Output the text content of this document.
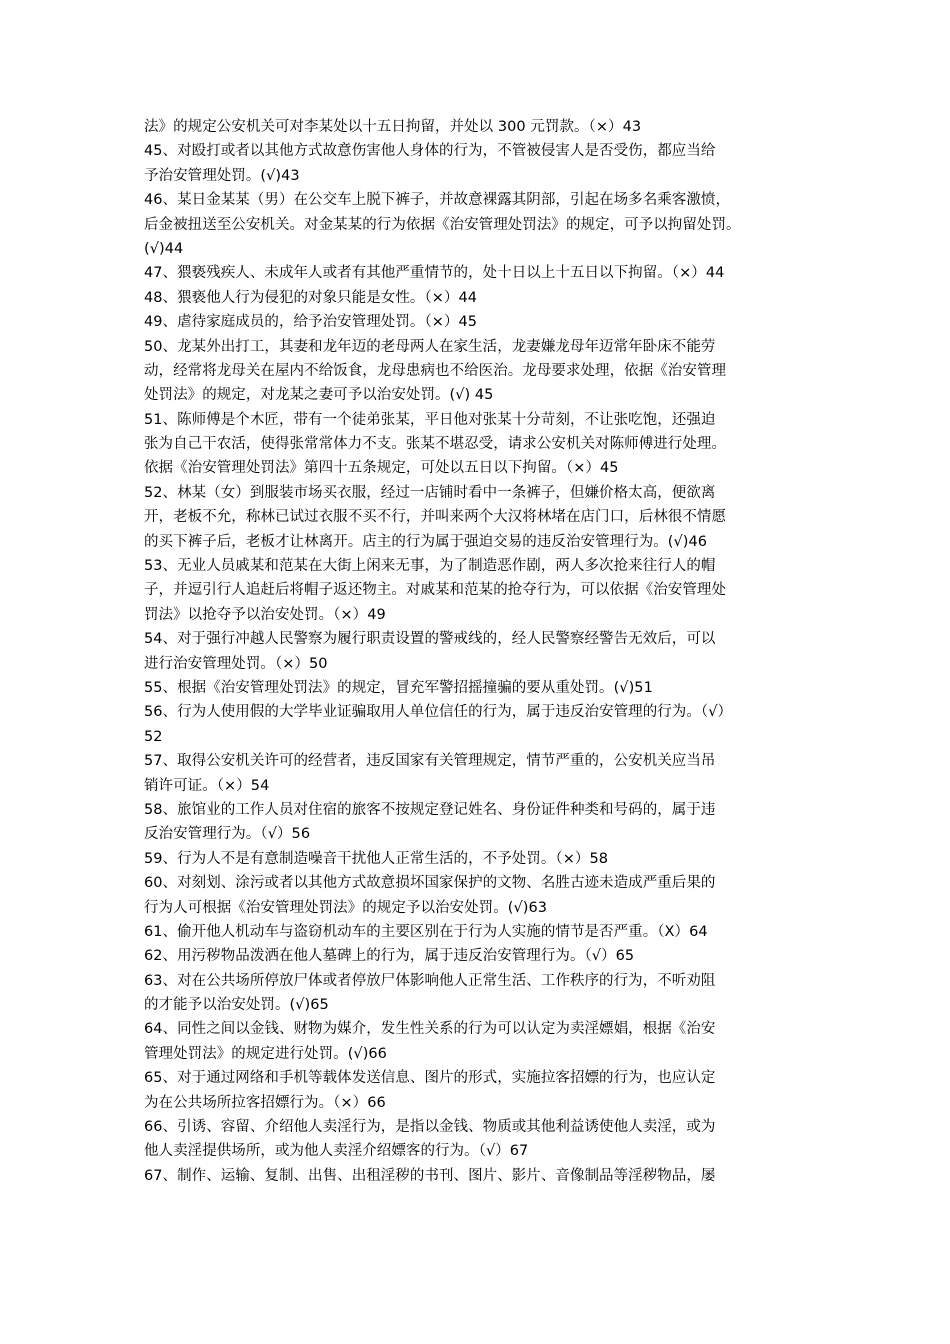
法》的规定公安机关可对李某处以十五日拘留，并处以 300 元罚款。（×）43
45、对殴打或者以其他方式故意伤害他人身体的行为，不管被侵害人是否受伤，都应当给
予治安管理处罚。(√)43
46、某日金某某（男）在公交车上脱下裤子，并故意裸露其阴部，引起在场多名乘客激愤，
后金被扭送至公安机关。对金某某的行为依据《治安管理处罚法》的规定，可予以拘留处罚。
(√)44
47、猥亵残疾人、未成年人或者有其他严重情节的，处十日以上十五日以下拘留。（×）44
48、猥亵他人行为侵犯的对象只能是女性。（×）44
49、虐待家庭成员的，给予治安管理处罚。（×）45
50、龙某外出打工，其妻和龙年迈的老母两人在家生活，龙妻嫌龙母年迈常年卧床不能劳
动，经常将龙母关在屋内不给饭食，龙母患病也不给医治。龙母要求处理，依据《治安管理
处罚法》的规定，对龙某之妻可予以治安处罚。(√) 45
51、陈师傅是个木匠，带有一个徒弟张某，平日他对张某十分苛刻，不让张吃饱，还强迫
张为自己干农活，使得张常常体力不支。张某不堪忍受，请求公安机关对陈师傅进行处理。
依据《治安管理处罚法》第四十五条规定，可处以五日以下拘留。（×）45
52、林某（女）到服装市场买衣服，经过一店铺时看中一条裤子，但嫌价格太高，便欲离
开，老板不允，称林已试过衣服不买不行，并叫来两个大汉将林堵在店门口，后林很不情愿
的买下裤子后，老板才让林离开。店主的行为属于强迫交易的违反治安管理行为。(√)46
53、无业人员戚某和范某在大街上闲来无事，为了制造恶作剧，两人多次抢来往行人的帽
子，并逗引行人追赶后将帽子返还物主。对戚某和范某的抢夺行为，可以依据《治安管理处
罚法》以抢夺予以治安处罚。（×）49
54、对于强行冲越人民警察为履行职责设置的警戒线的，经人民警察经警告无效后，可以
进行治安管理处罚。（×）50
55、根据《治安管理处罚法》的规定，冒充军警招摇撞骗的要从重处罚。(√)51
56、行为人使用假的大学毕业证骗取用人单位信任的行为，属于违反治安管理的行为。（√）
52
57、取得公安机关许可的经营者，违反国家有关管理规定，情节严重的，公安机关应当吊
销许可证。（×）54
58、旅馆业的工作人员对住宿的旅客不按规定登记姓名、身份证件种类和号码的，属于违
反治安管理行为。（√）56
59、行为人不是有意制造噪音干扰他人正常生活的，不予处罚。（×）58
60、对刻划、涂污或者以其他方式故意损坏国家保护的文物、名胜古迹未造成严重后果的
行为人可根据《治安管理处罚法》的规定予以治安处罚。(√)63
61、偷开他人机动车与盗窃机动车的主要区别在于行为人实施的情节是否严重。（X）64
62、用污秽物品泼洒在他人墓碑上的行为，属于违反治安管理行为。（√）65
63、对在公共场所停放尸体或者停放尸体影响他人正常生活、工作秩序的行为，不听劝阻
的才能予以治安处罚。(√)65
64、同性之间以金钱、财物为媒介，发生性关系的行为可以认定为卖淫嫖娼，根据《治安
管理处罚法》的规定进行处罚。(√)66
65、对于通过网络和手机等载体发送信息、图片的形式，实施拉客招嫖的行为，也应认定
为在公共场所拉客招嫖行为。（×）66
66、引诱、容留、介绍他人卖淫行为，是指以金钱、物质或其他利益诱使他人卖淫，或为
他人卖淫提供场所，或为他人卖淫介绍嫖客的行为。（√）67
67、制作、运输、复制、出售、出租淫秽的书刊、图片、影片、音像制品等淫秽物品，屡
